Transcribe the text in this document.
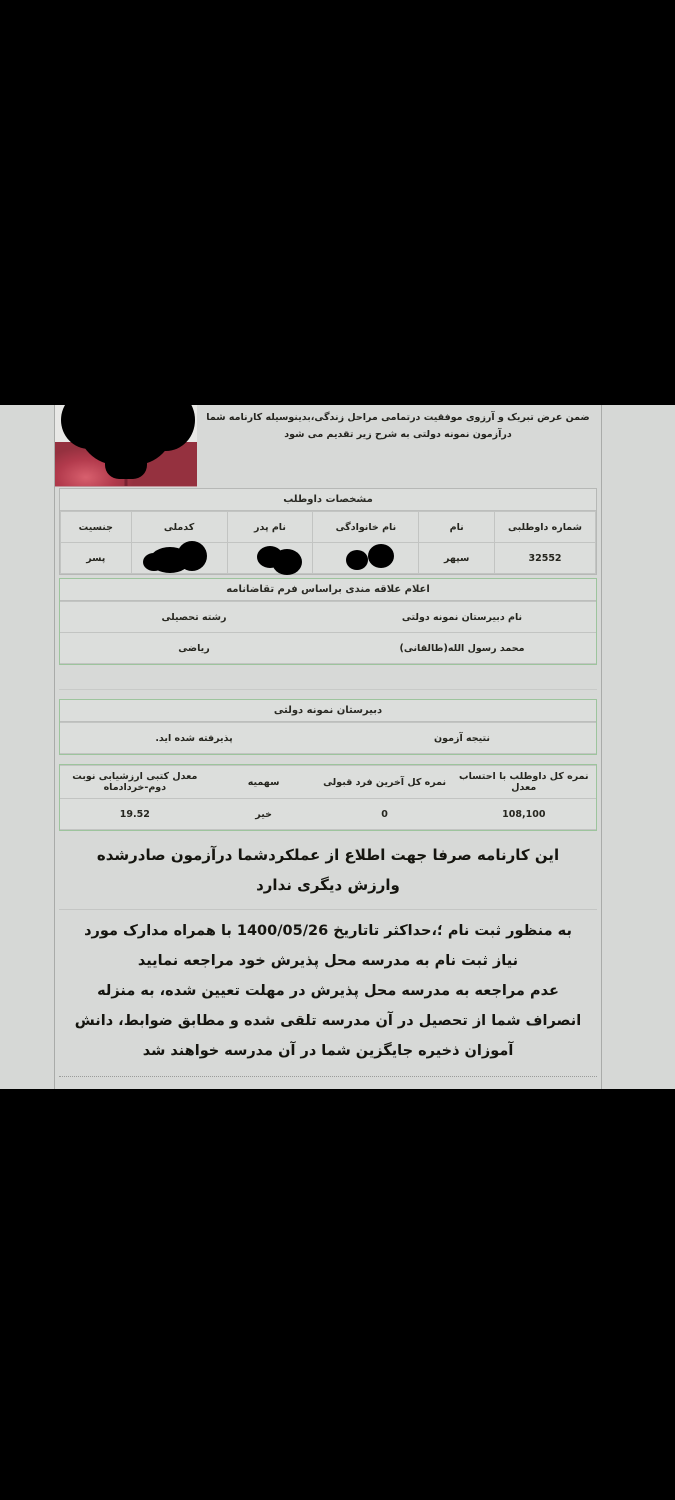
ضمن عرض تبریک و آرزوی موفقیت درتمامی مراحل زندگی،بدینوسیله کارنامه شما درآزمون نمونه دولتی به شرح زیر تقدیم می شود
مشخصات داوطلب
شماره داوطلبی	نام	نام خانوادگی	نام پدر	کدملی	جنسیت
32552	سپهر				پسر
اعلام علاقه مندی براساس فرم تقاضانامه
نام دبیرستان نمونه دولتی	رشته تحصیلی
محمد رسول الله(طالقانی)	ریاضی
دبیرستان نمونه دولتی
نتیجه آزمون	پذیرفته شده اید.
نمره کل داوطلب با احتساب معدل	نمره کل آخرین فرد قبولی	سهمیه	معدل کتبی ارزشیابی نوبت دوم-خردادماه
108,100	0	خیر	19.52
این کارنامه صرفا جهت اطلاع از عملکردشما درآزمون صادرشده وارزش دیگری ندارد

به منظور ثبت نام ؛،حداکثر تاتاریخ 1400/05/26 با همراه مدارک مورد نیاز ثبت نام به مدرسه محل پذیرش خود مراجعه نمایید

عدم مراجعه به مدرسه محل پذیرش در مهلت تعیین شده، به منزله انصراف شما از تحصیل در آن مدرسه تلقی شده و مطابق ضوابط، دانش آموزان ذخیره جایگزین شما در آن مدرسه خواهند شد
